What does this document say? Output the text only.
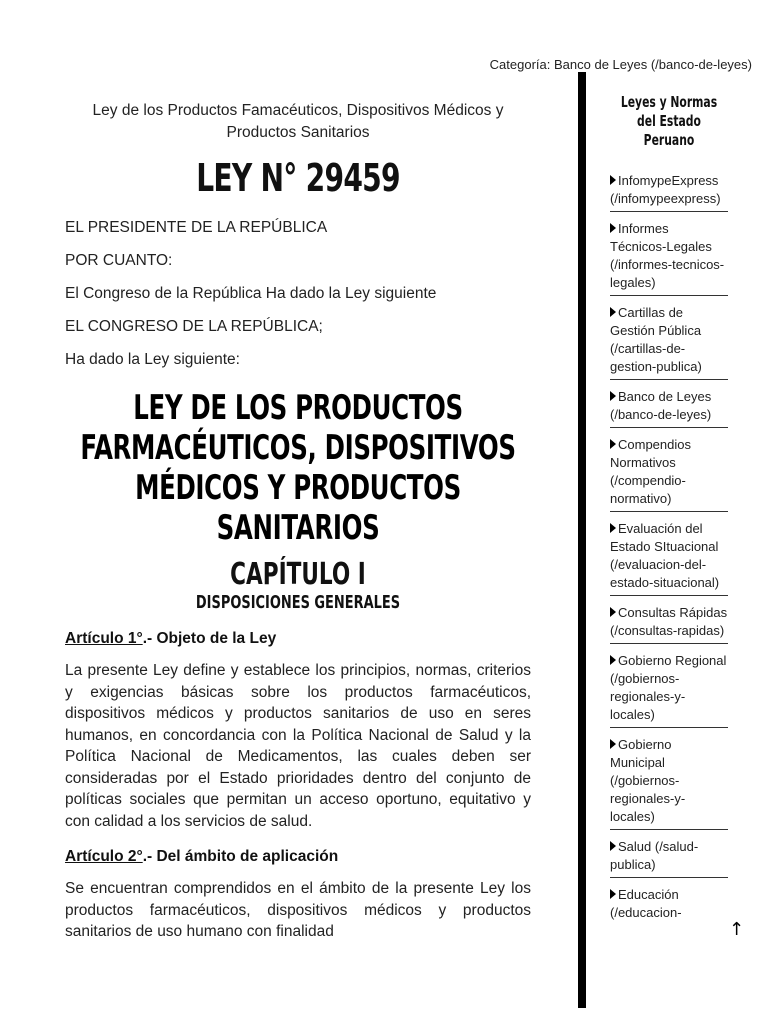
Categoría: Banco de Leyes (/banco-de-leyes)
Ley de los Productos Famacéuticos, Dispositivos Médicos y Productos Sanitarios
LEY N° 29459
EL PRESIDENTE DE LA REPÚBLICA
POR CUANTO:
El Congreso de la República Ha dado la Ley siguiente
EL CONGRESO DE LA REPÚBLICA;
Ha dado la Ley siguiente:
LEY DE LOS PRODUCTOS FARMACÉUTICOS, DISPOSITIVOS MÉDICOS Y PRODUCTOS SANITARIOS
CAPÍTULO I
DISPOSICIONES GENERALES
Artículo 1°.- Objeto de la Ley
La presente Ley define y establece los principios, normas, criterios y exigencias básicas sobre los productos farmacéuticos, dispositivos médicos y productos sanitarios de uso en seres humanos, en concordancia con la Política Nacional de Salud y la Política Nacional de Medicamentos, las cuales deben ser consideradas por el Estado prioridades dentro del conjunto de políticas sociales que permitan un acceso oportuno, equitativo y con calidad a los servicios de salud.
Artículo 2°.- Del ámbito de aplicación
Se encuentran comprendidos en el ámbito de la presente Ley los productos farmacéuticos, dispositivos médicos y productos sanitarios de uso humano con finalidad
Leyes y Normas del Estado Peruano
InfomypeExpress (/infomypeexpress)
Informes Técnicos-Legales (/informes-tecnicos-legales)
Cartillas de Gestión Pública (/cartillas-de-gestion-publica)
Banco de Leyes (/banco-de-leyes)
Compendios Normativos (/compendio-normativo)
Evaluación del Estado SItuacional (/evaluacion-del-estado-situacional)
Consultas Rápidas (/consultas-rapidas)
Gobierno Regional (/gobiernos-regionales-y-locales)
Gobierno Municipal (/gobiernos-regionales-y-locales)
Salud (/salud-publica)
Educación (/educacion-
↑
